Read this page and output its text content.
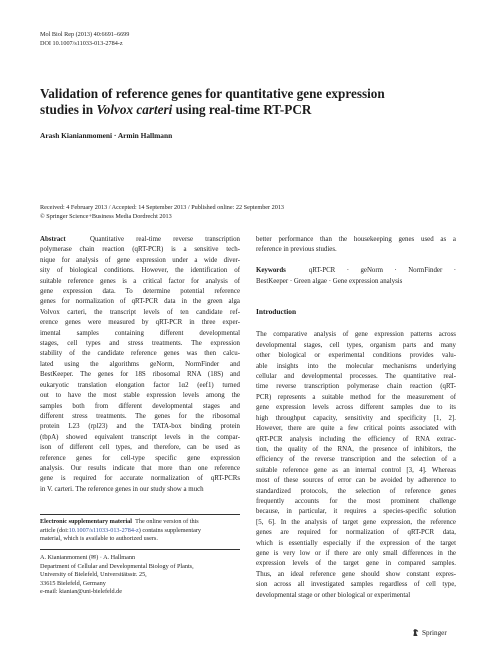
Mol Biol Rep (2013) 40:6691–6699
DOI 10.1007/s11033-013-2784-z
Validation of reference genes for quantitative gene expression
studies in Volvox carteri using real-time RT-PCR
Arash Kianianmomeni · Armin Hallmann
Received: 4 February 2013 / Accepted: 14 September 2013 / Published online: 22 September 2013
© Springer Science+Business Media Dordrecht 2013
Abstract	Quantitative real-time reverse transcription
polymerase chain reaction (qRT-PCR) is a sensitive tech-
nique for analysis of gene expression under a wide diver-
sity of biological conditions. However, the identification of
suitable reference genes is a critical factor for analysis of
gene expression data. To determine potential reference
genes for normalization of qRT-PCR data in the green alga
Volvox carteri, the transcript levels of ten candidate ref-
erence genes were measured by qRT-PCR in three exper-
imental samples containing different developmental
stages, cell types and stress treatments. The expression
stability of the candidate reference genes was then calcu-
lated using the algorithms geNorm, NormFinder and
BestKeeper. The genes for 18S ribosomal RNA (18S) and
eukaryotic translation elongation factor 1α2 (eef1) turned
out to have the most stable expression levels among the
samples both from different developmental stages and
different stress treatments. The genes for the ribosomal
protein L23 (rpl23) and the TATA-box binding protein
(tbpA) showed equivalent transcript levels in the compar-
ison of different cell types, and therefore, can be used as
reference genes for cell-type specific gene expression
analysis. Our results indicate that more than one reference
gene is required for accurate normalization of qRT-PCRs
in V. carteri. The reference genes in our study show a much
better performance than the housekeeping genes used as a
reference in previous studies.
Keywords	qRT-PCR · geNorm · NormFinder ·
BestKeeper · Green algae · Gene expression analysis
Introduction
The comparative analysis of gene expression patterns across
developmental stages, cell types, organism parts and many
other biological or experimental conditions provides valu-
able insights into the molecular mechanisms underlying
cellular and developmental processes. The quantitative real-
time reverse transcription polymerase chain reaction (qRT-
PCR) represents a suitable method for the measurement of
gene expression levels across different samples due to its
high throughput capacity, sensitivity and specificity [1, 2].
However, there are quite a few critical points associated with
qRT-PCR analysis including the efficiency of RNA extrac-
tion, the quality of the RNA, the presence of inhibitors, the
efficiency of the reverse transcription and the selection of a
suitable reference gene as an internal control [3, 4]. Whereas
most of these sources of error can be avoided by adherence to
standardized protocols, the selection of reference genes
frequently accounts for the most prominent challenge
because, in particular, it requires a species-specific solution
[5, 6]. In the analysis of target gene expression, the reference
genes are required for normalization of qRT-PCR data,
which is essentially especially if the expression of the target
gene is very low or if there are only small differences in the
expression levels of the target gene in compared samples.
Thus, an ideal reference gene should show constant expres-
sion across all investigated samples regardless of cell type,
developmental stage or other biological or experimental
Electronic supplementary material The online version of this
article (doi:10.1007/s11033-013-2784-z) contains supplementary
material, which is available to authorized users.
A. Kianianmomeni (✉) · A. Hallmann
Department of Cellular and Developmental Biology of Plants,
University of Bielefeld, Universitätsstr. 25,
33615 Bielefeld, Germany
e-mail: kianian@uni-bielefeld.de
Springer
